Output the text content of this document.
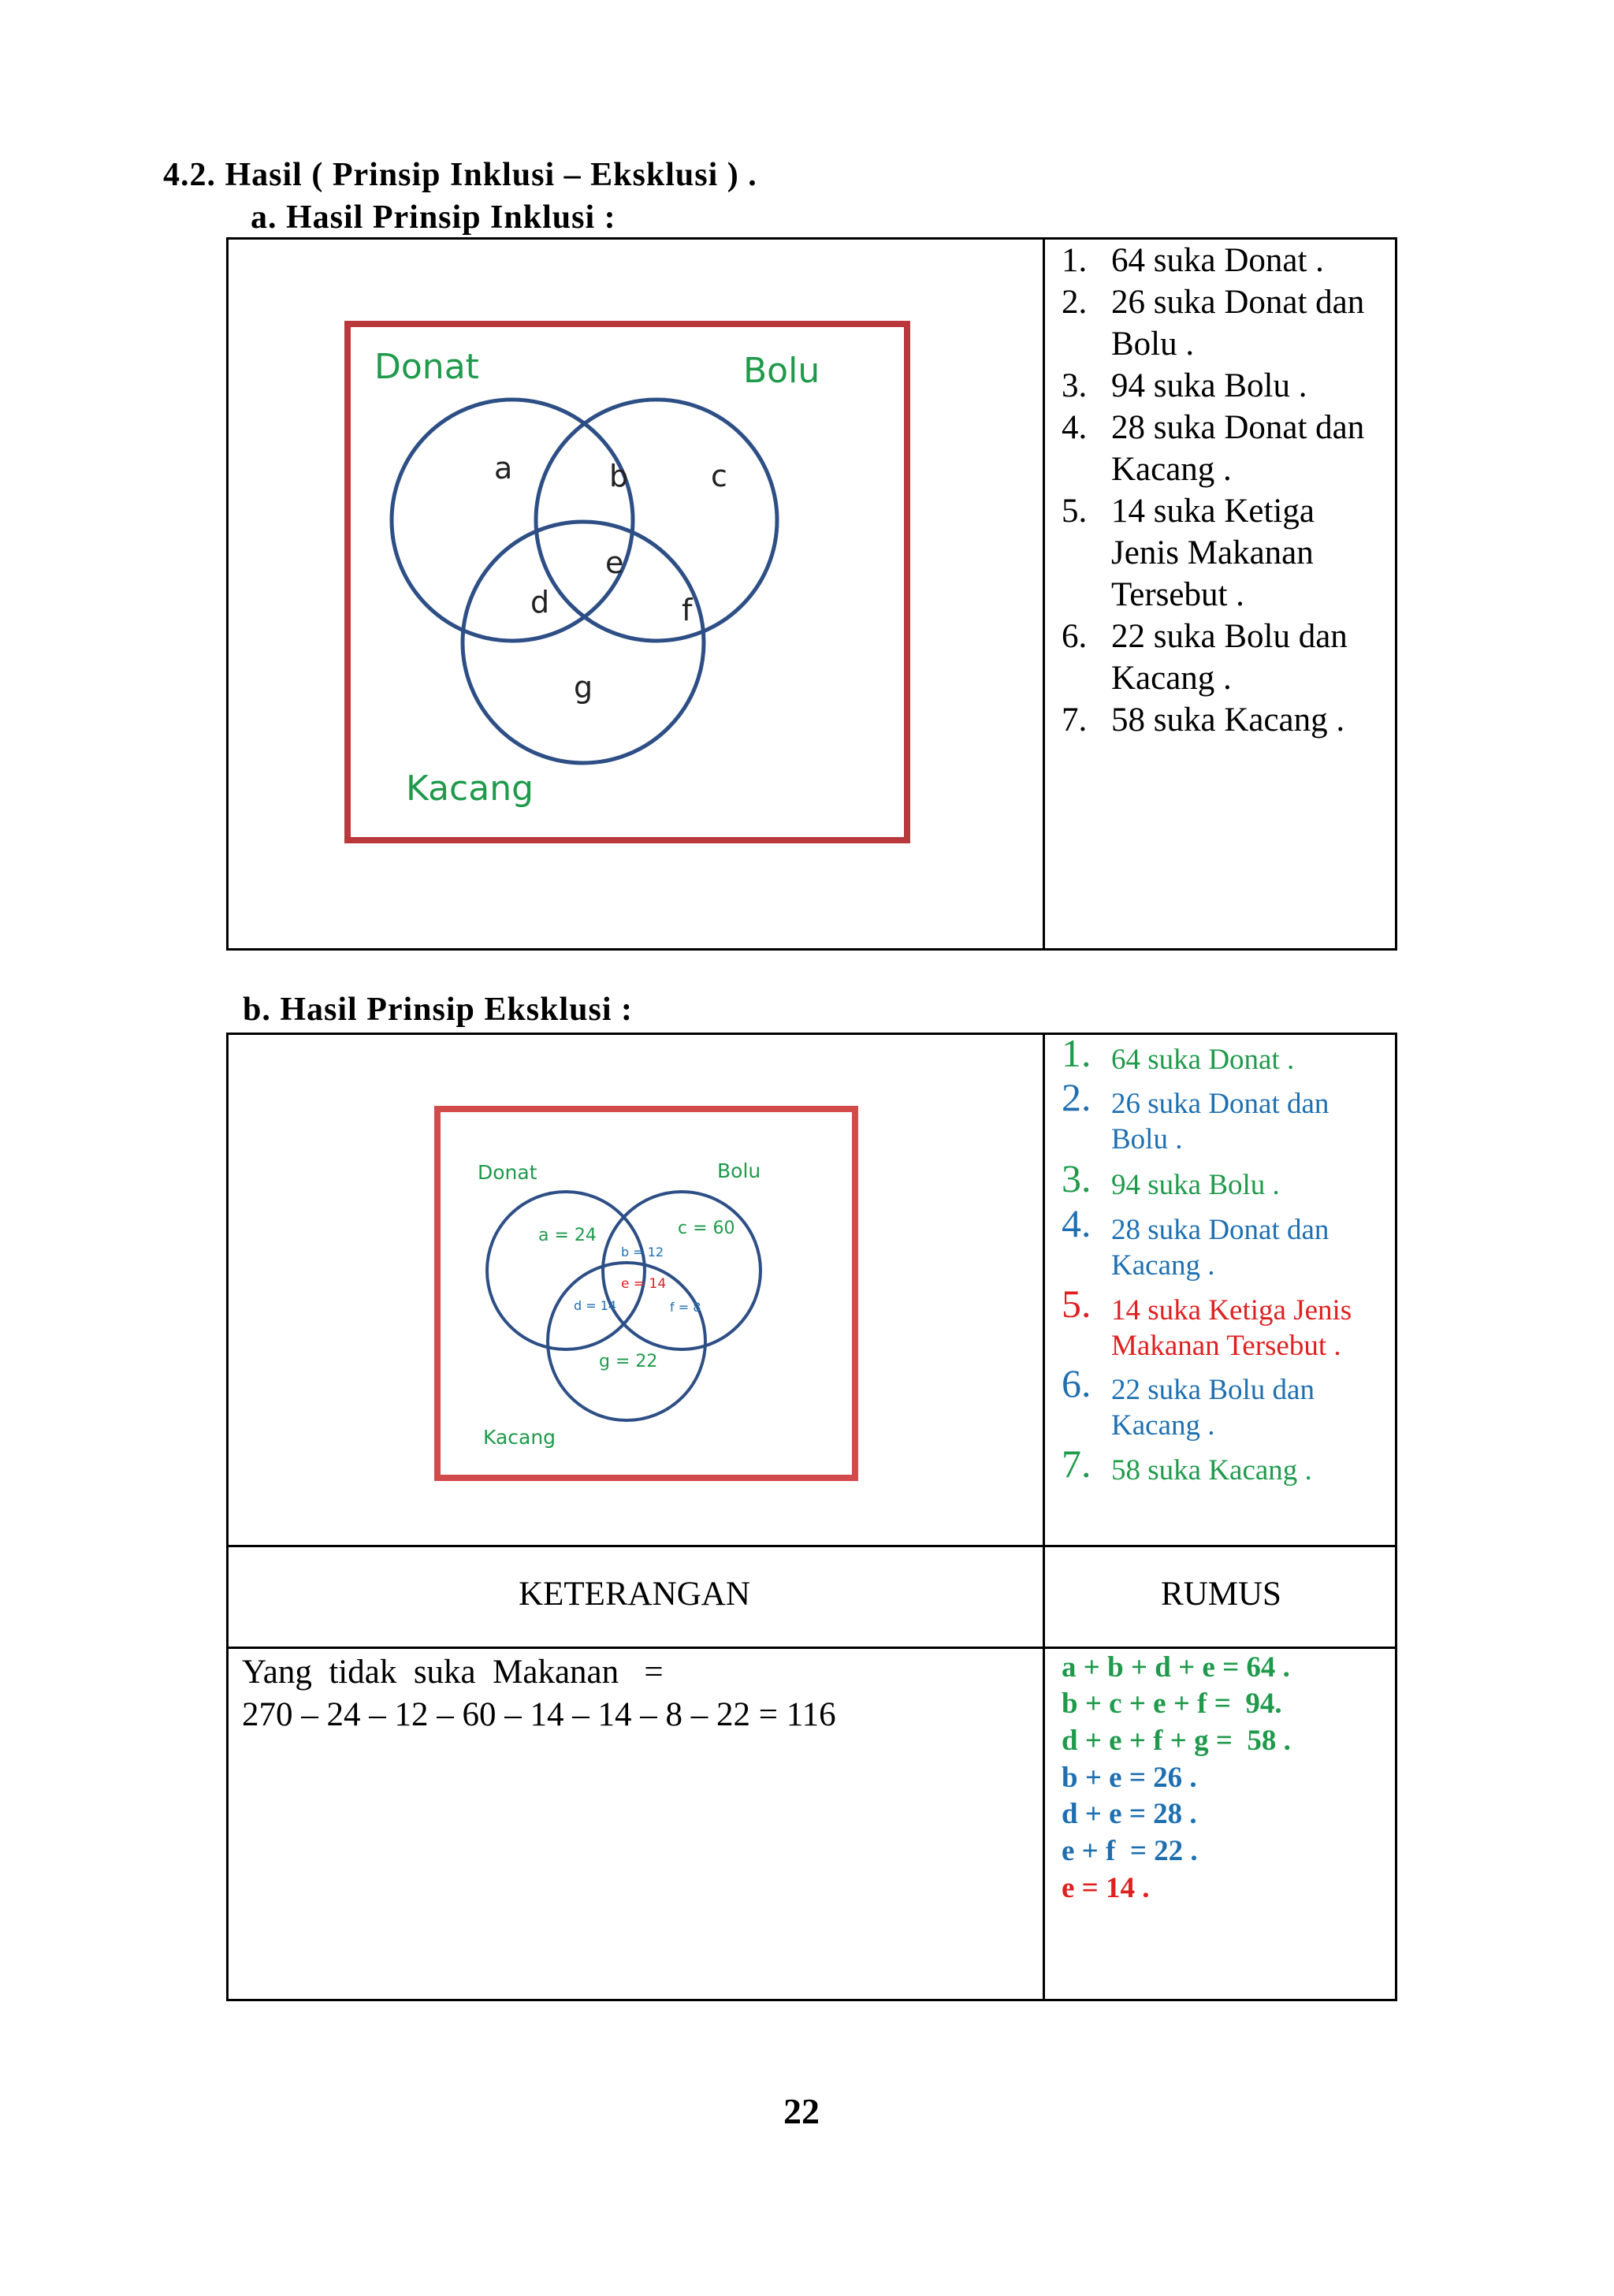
4.2. Hasil ( Prinsip Inklusi – Eksklusi ) .
a. Hasil Prinsip Inklusi :
Donat	Bolu
Kacang
a	b	c
d
e
f
g
1. 64 suka Donat .
2. 26 suka Donat dan
Bolu .
3. 94 suka Bolu .
4. 28 suka Donat dan
Kacang .
5. 14 suka Ketiga
Jenis Makanan
Tersebut .
6. 22 suka Bolu dan
Kacang .
7. 58 suka Kacang .
b. Hasil Prinsip Eksklusi :
Donat	Bolu
Kacang
a = 24
b = 12
c = 60
d = 14
e = 14
f = 8
g = 22
1. 64 suka Donat .
2. 26 suka Donat dan
Bolu .
3. 94 suka Bolu .
4. 28 suka Donat dan
Kacang .
5. 14 suka Ketiga Jenis
Makanan Tersebut .
6. 22 suka Bolu dan
Kacang .
7. 58 suka Kacang .
KETERANGAN	RUMUS
Yang  tidak  suka  Makanan   =
270 – 24 – 12 – 60 – 14 – 14 – 8 – 22 = 116
a + b + d + e = 64 .
b + c + e + f =  94.
d + e + f + g =  58 .
b + e = 26 .
d + e = 28 .
e + f  = 22 .
e = 14 .
22
